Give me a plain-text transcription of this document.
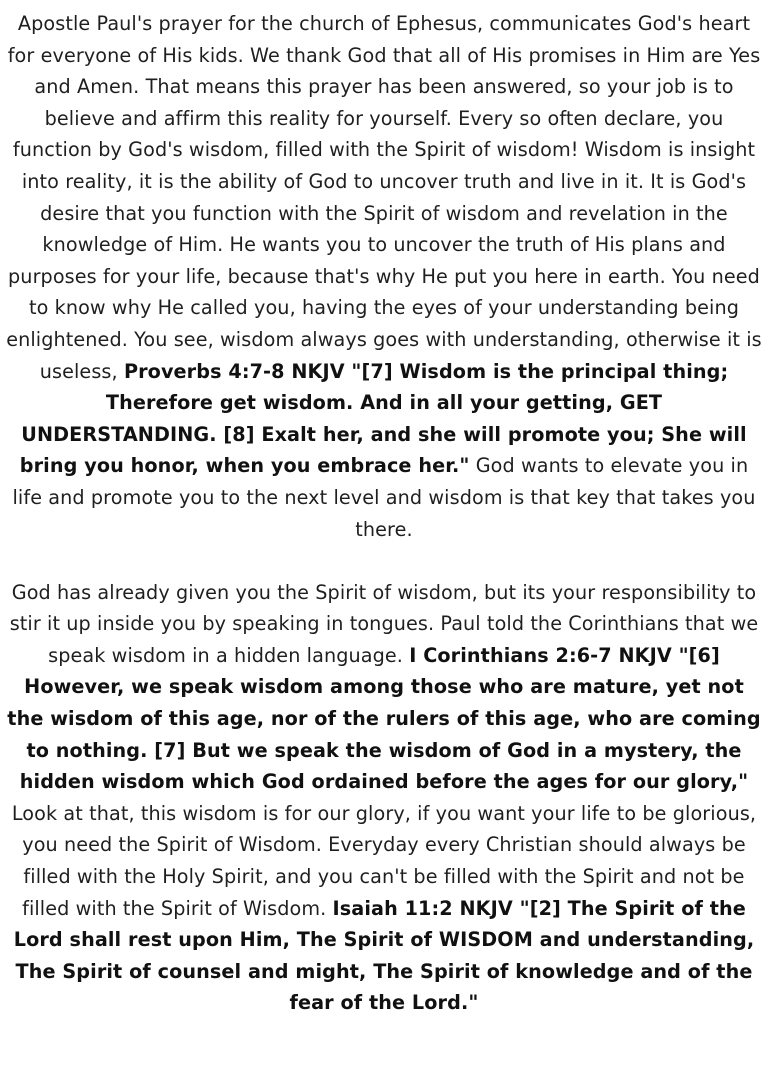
Apostle Paul's prayer for the church of Ephesus, communicates God's heart for everyone of His kids. We thank God that all of His promises in Him are Yes and Amen. That means this prayer has been answered, so your job is to believe and affirm this reality for yourself. Every so often declare, you function by God's wisdom, filled with the Spirit of wisdom! Wisdom is insight into reality, it is the ability of God to uncover truth and live in it. It is God's desire that you function with the Spirit of wisdom and revelation in the knowledge of Him. He wants you to uncover the truth of His plans and purposes for your life, because that's why He put you here in earth. You need to know why He called you, having the eyes of your understanding being enlightened. You see, wisdom always goes with understanding, otherwise it is useless, Proverbs 4:7-8 NKJV "[7] Wisdom is the principal thing; Therefore get wisdom. And in all your getting, GET UNDERSTANDING. [8] Exalt her, and she will promote you; She will bring you honor, when you embrace her." God wants to elevate you in life and promote you to the next level and wisdom is that key that takes you there.

God has already given you the Spirit of wisdom, but its your responsibility to stir it up inside you by speaking in tongues. Paul told the Corinthians that we speak wisdom in a hidden language. I Corinthians 2:6-7 NKJV "[6] However, we speak wisdom among those who are mature, yet not the wisdom of this age, nor of the rulers of this age, who are coming to nothing. [7] But we speak the wisdom of God in a mystery, the hidden wisdom which God ordained before the ages for our glory," Look at that, this wisdom is for our glory, if you want your life to be glorious, you need the Spirit of Wisdom. Everyday every Christian should always be filled with the Holy Spirit, and you can't be filled with the Spirit and not be filled with the Spirit of Wisdom. Isaiah 11:2 NKJV "[2] The Spirit of the Lord shall rest upon Him, The Spirit of WISDOM and understanding, The Spirit of counsel and might, The Spirit of knowledge and of the fear of the Lord."
